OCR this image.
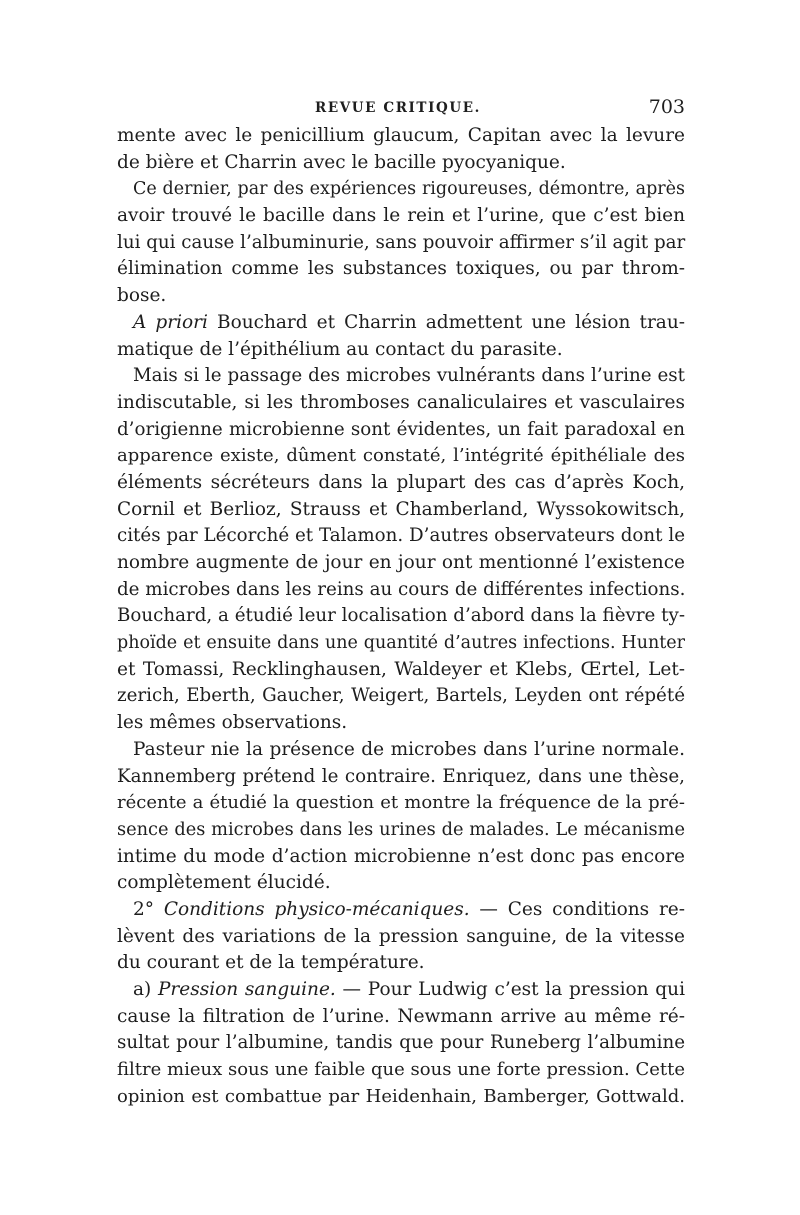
REVUE CRITIQUE.	703
mente avec le penicillium glaucum, Capitan avec la levure
de bière et Charrin avec le bacille pyocyanique.
Ce dernier, par des expériences rigoureuses, démontre, après
avoir trouvé le bacille dans le rein et l’urine, que c’est bien
lui qui cause l’albuminurie, sans pouvoir affirmer s’il agit par
élimination comme les substances toxiques, ou par throm-
bose.
A priori Bouchard et Charrin admettent une lésion trau-
matique de l’épithélium au contact du parasite.
Mais si le passage des microbes vulnérants dans l’urine est
indiscutable, si les thromboses canaliculaires et vasculaires
d’origienne microbienne sont évidentes, un fait paradoxal en
apparence existe, dûment constaté, l’intégrité épithéliale des
éléments sécréteurs dans la plupart des cas d’après Koch,
Cornil et Berlioz, Strauss et Chamberland, Wyssokowitsch,
cités par Lécorché et Talamon. D’autres observateurs dont le
nombre augmente de jour en jour ont mentionné l’existence
de microbes dans les reins au cours de différentes infections.
Bouchard, a étudié leur localisation d’abord dans la fièvre ty-
phoïde et ensuite dans une quantité d’autres infections. Hunter
et Tomassi, Recklinghausen, Waldeyer et Klebs, Œrtel, Let-
zerich, Eberth, Gaucher, Weigert, Bartels, Leyden ont répété
les mêmes observations.
Pasteur nie la présence de microbes dans l’urine normale.
Kannemberg prétend le contraire. Enriquez, dans une thèse,
récente a étudié la question et montre la fréquence de la pré-
sence des microbes dans les urines de malades. Le mécanisme
intime du mode d’action microbienne n’est donc pas encore
complètement élucidé.
2° Conditions physico-mécaniques. — Ces conditions re-
lèvent des variations de la pression sanguine, de la vitesse
du courant et de la température.
a) Pression sanguine. — Pour Ludwig c’est la pression qui
cause la filtration de l’urine. Newmann arrive au même ré-
sultat pour l’albumine, tandis que pour Runeberg l’albumine
filtre mieux sous une faible que sous une forte pression. Cette
opinion est combattue par Heidenhain, Bamberger, Gottwald.
